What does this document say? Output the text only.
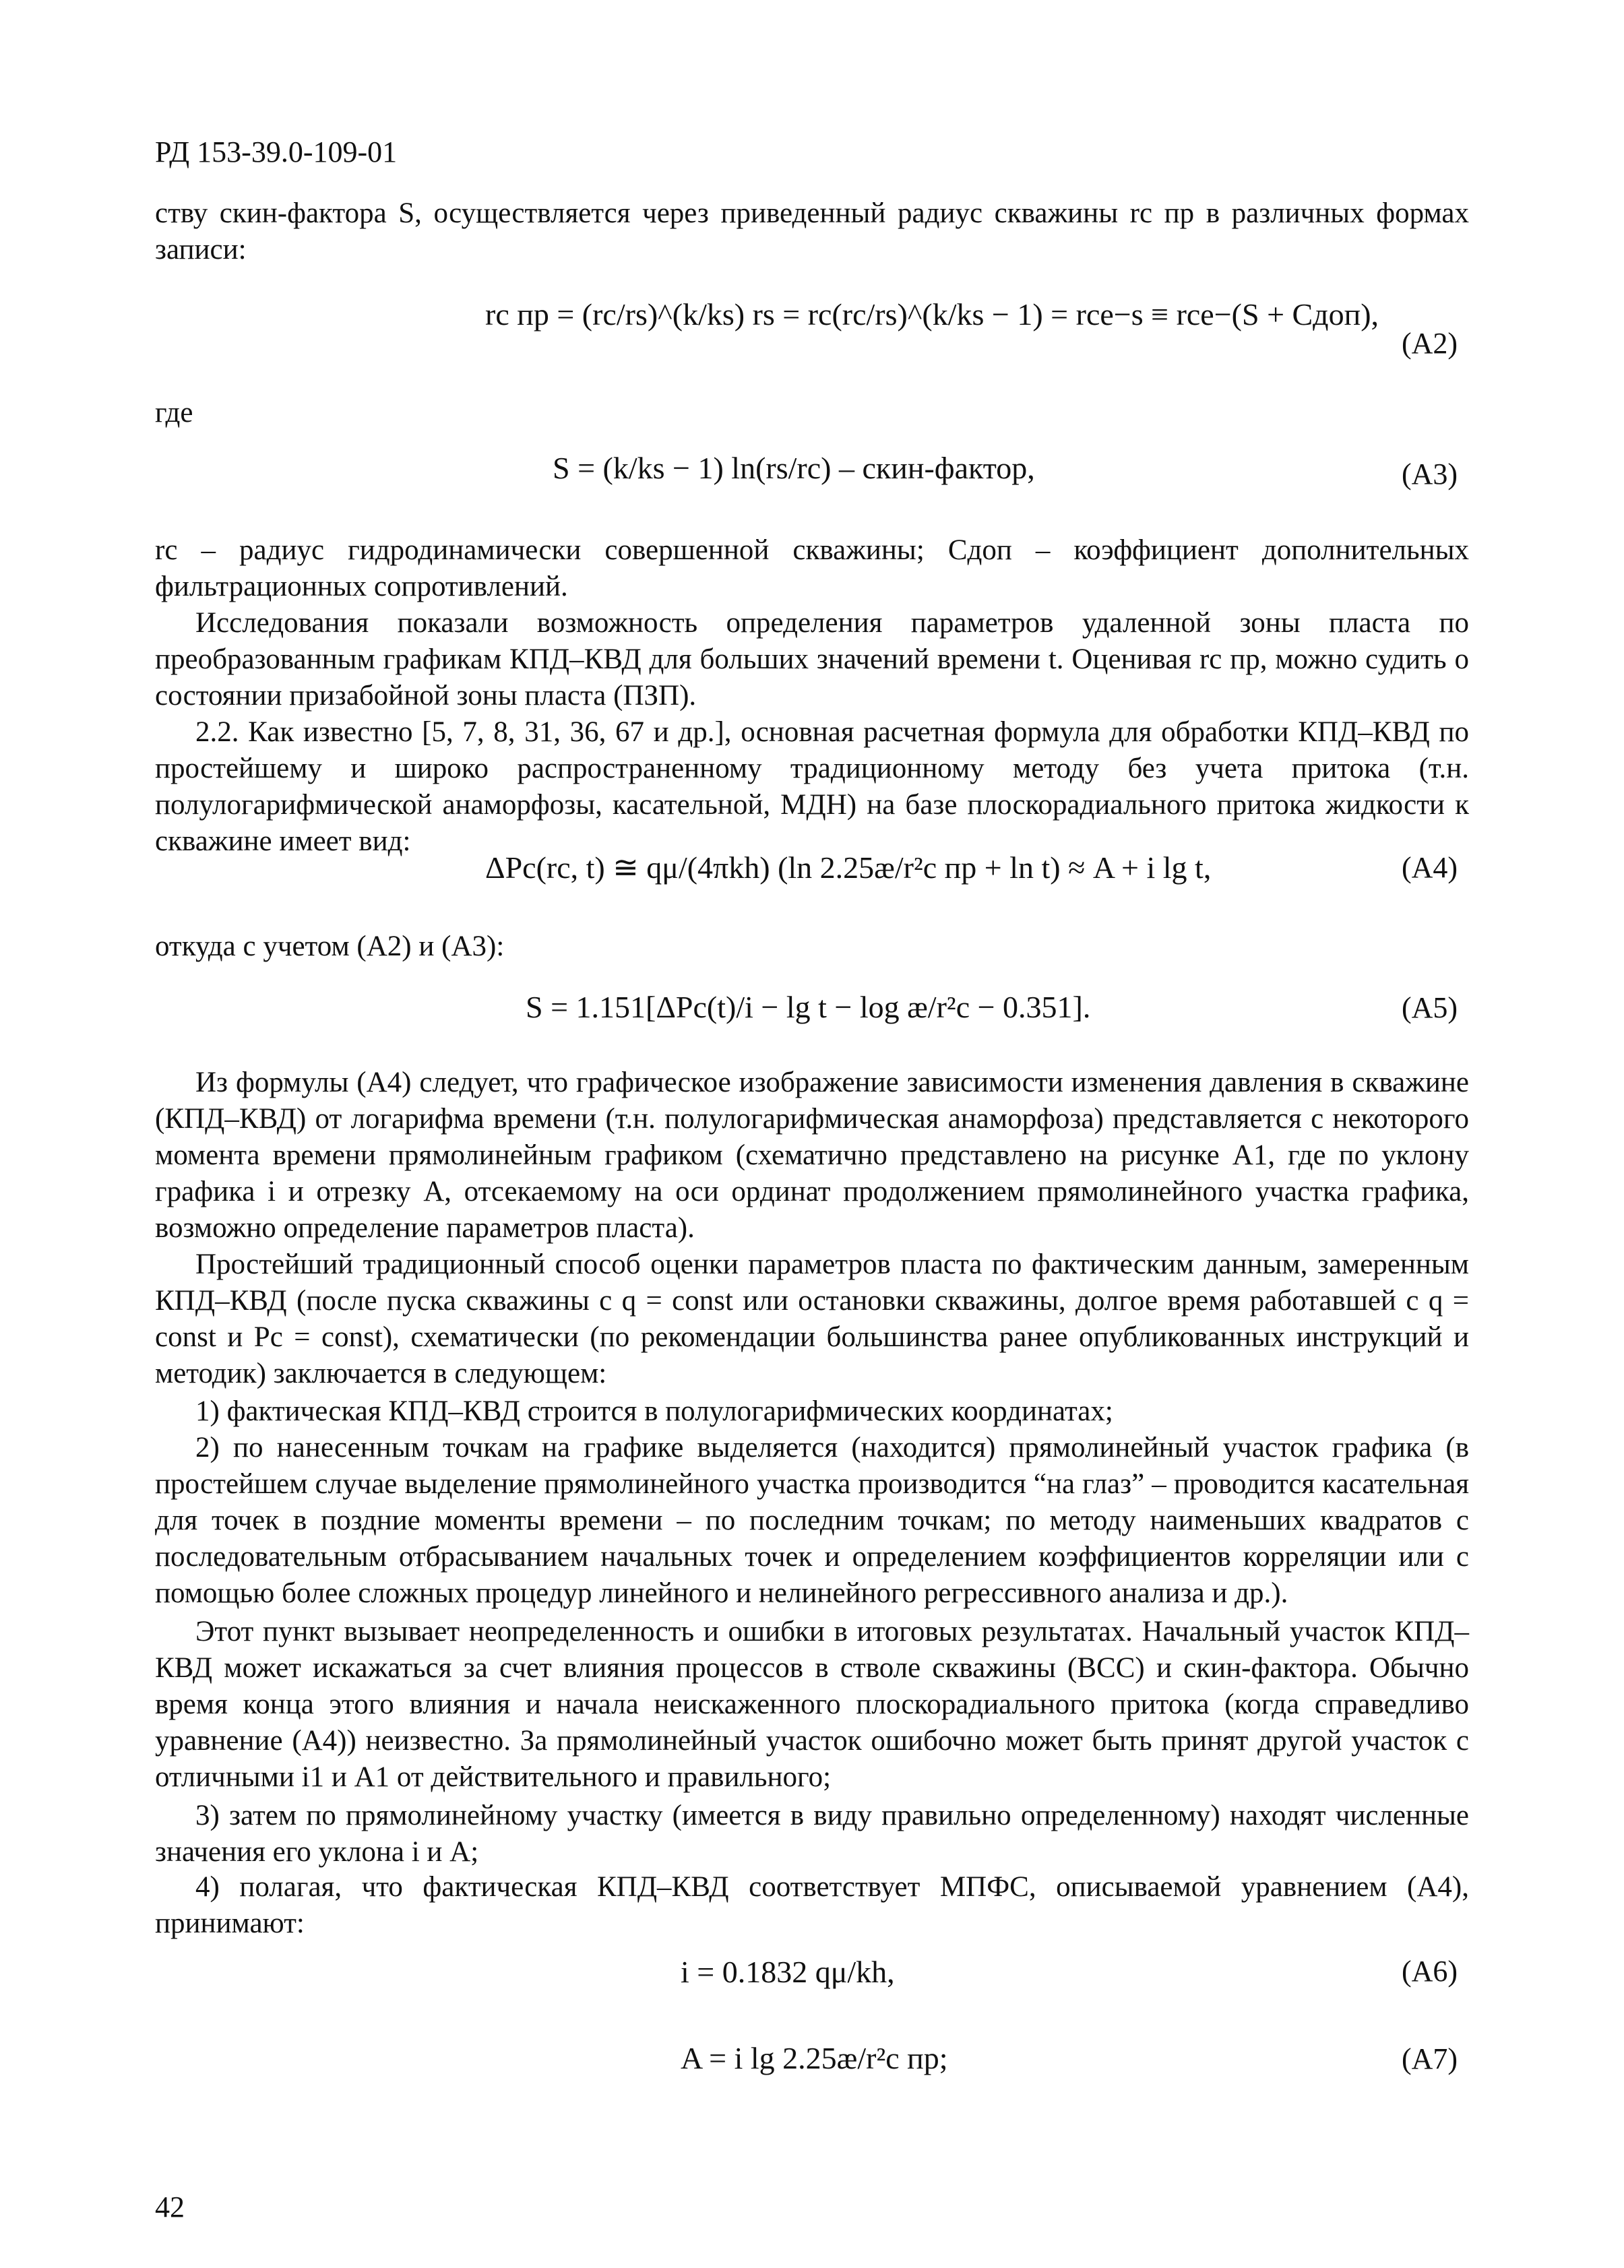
РД 153-39.0-109-01
ству скин-фактора S, осуществляется через приведенный радиус скважины rс пр в различных формах записи:
rс пр = (rс/rs)^(k/ks) rs = rс(rс/rs)^(k/ks − 1) = rсe−s ≡ rсe−(S + Cдоп),
(A2)
где
S = (k/ks − 1) ln(rs/rс) – скин-фактор,	(A3)
rс – радиус гидродинамически совершенной скважины; Cдоп – коэффициент дополнительных фильтрационных сопротивлений.
Исследования показали возможность определения параметров удаленной зоны пласта по преобразованным графикам КПД–КВД для больших значений времени t. Оценивая rс пр, можно судить о состоянии призабойной зоны пласта (ПЗП).
2.2. Как известно [5, 7, 8, 31, 36, 67 и др.], основная расчетная формула для обработки КПД–КВД по простейшему и широко распространенному традиционному методу без учета притока (т.н. полулогарифмической анаморфозы, касательной, МДН) на базе плоскорадиального притока жидкости к скважине имеет вид:
ΔPc(rc, t) ≅ qμ/(4πkh) (ln 2.25æ/r²с пр + ln t) ≈ A + i lg t,	(A4)
откуда с учетом (А2) и (А3):
S = 1.151[ΔPc(t)/i − lg t − log æ/r²c − 0.351].	(A5)
Из формулы (А4) следует, что графическое изображение зависимости изменения давления в скважине (КПД–КВД) от логарифма времени (т.н. полулогарифмическая анаморфоза) представляется с некоторого момента времени прямолинейным графиком (схематично представлено на рисунке А1, где по уклону графика i и отрезку A, отсекаемому на оси ординат продолжением прямолинейного участка графика, возможно определение параметров пласта).
Простейший традиционный способ оценки параметров пласта по фактическим данным, замеренным КПД–КВД (после пуска скважины с q = const или остановки скважины, долгое время работавшей с q = const и Pc = const), схематически (по рекомендации большинства ранее опубликованных инструкций и методик) заключается в следующем:
1) фактическая КПД–КВД строится в полулогарифмических координатах;
2) по нанесенным точкам на графике выделяется (находится) прямолинейный участок графика (в простейшем случае выделение прямолинейного участка производится “на глаз” – проводится касательная для точек в поздние моменты времени – по последним точкам; по методу наименьших квадратов с последовательным отбрасыванием начальных точек и определением коэффициентов корреляции или с помощью более сложных процедур линейного и нелинейного регрессивного анализа и др.).
Этот пункт вызывает неопределенность и ошибки в итоговых результатах. Начальный участок КПД–КВД может искажаться за счет влияния процессов в стволе скважины (ВСС) и скин-фактора. Обычно время конца этого влияния и начала неискаженного плоскорадиального притока (когда справедливо уравнение (А4)) неизвестно. За прямолинейный участок ошибочно может быть принят другой участок с отличными i1 и A1 от действительного и правильного;
3) затем по прямолинейному участку (имеется в виду правильно определенному) находят численные значения его уклона i и A;
4) полагая, что фактическая КПД–КВД соответствует МПФС, описываемой уравнением (А4), принимают:
i = 0.1832 qμ/kh,	(A6)
A = i lg 2.25æ/r²с пр;	(A7)
42
